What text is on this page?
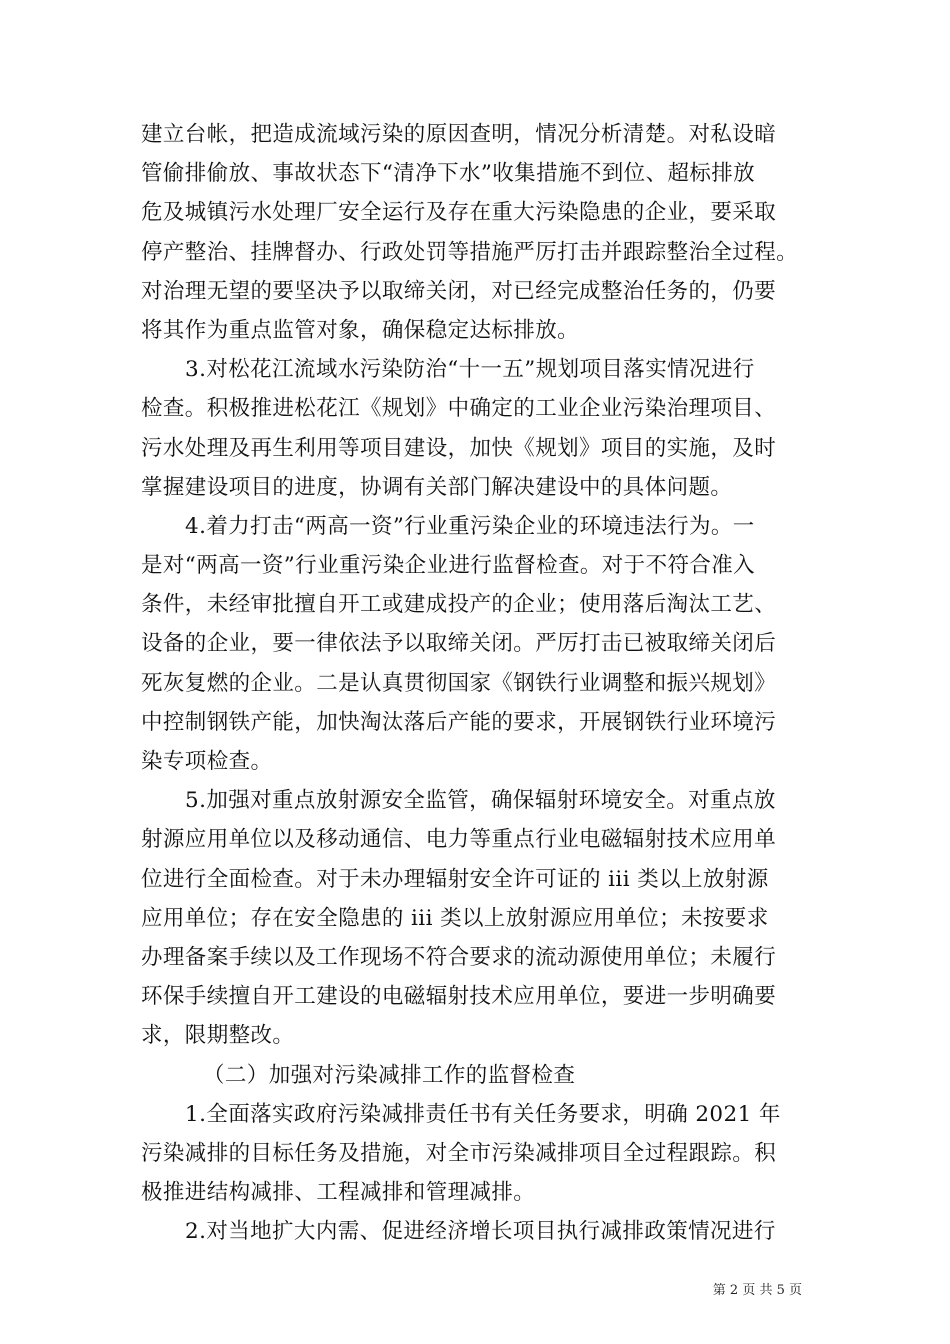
建立台帐，把造成流域污染的原因查明，情况分析清楚。对私设暗
管偷排偷放、事故状态下“清净下水”收集措施不到位、超标排放
危及城镇污水处理厂安全运行及存在重大污染隐患的企业，要采取
停产整治、挂牌督办、行政处罚等措施严厉打击并跟踪整治全过程。
对治理无望的要坚决予以取缔关闭，对已经完成整治任务的，仍要
将其作为重点监管对象，确保稳定达标排放。
3.对松花江流域水污染防治“十一五”规划项目落实情况进行
检查。积极推进松花江《规划》中确定的工业企业污染治理项目、
污水处理及再生利用等项目建设，加快《规划》项目的实施，及时
掌握建设项目的进度，协调有关部门解决建设中的具体问题。
4.着力打击“两高一资”行业重污染企业的环境违法行为。一
是对“两高一资”行业重污染企业进行监督检查。对于不符合准入
条件，未经审批擅自开工或建成投产的企业；使用落后淘汰工艺、
设备的企业，要一律依法予以取缔关闭。严厉打击已被取缔关闭后
死灰复燃的企业。二是认真贯彻国家《钢铁行业调整和振兴规划》
中控制钢铁产能，加快淘汰落后产能的要求，开展钢铁行业环境污
染专项检查。
5.加强对重点放射源安全监管，确保辐射环境安全。对重点放
射源应用单位以及移动通信、电力等重点行业电磁辐射技术应用单
位进行全面检查。对于未办理辐射安全许可证的 iii 类以上放射源
应用单位；存在安全隐患的 iii 类以上放射源应用单位；未按要求
办理备案手续以及工作现场不符合要求的流动源使用单位；未履行
环保手续擅自开工建设的电磁辐射技术应用单位，要进一步明确要
求，限期整改。
（二）加强对污染减排工作的监督检查
1.全面落实政府污染减排责任书有关任务要求，明确 2021 年
污染减排的目标任务及措施，对全市污染减排项目全过程跟踪。积
极推进结构减排、工程减排和管理减排。
2.对当地扩大内需、促进经济增长项目执行减排政策情况进行
第 2 页 共 5 页
